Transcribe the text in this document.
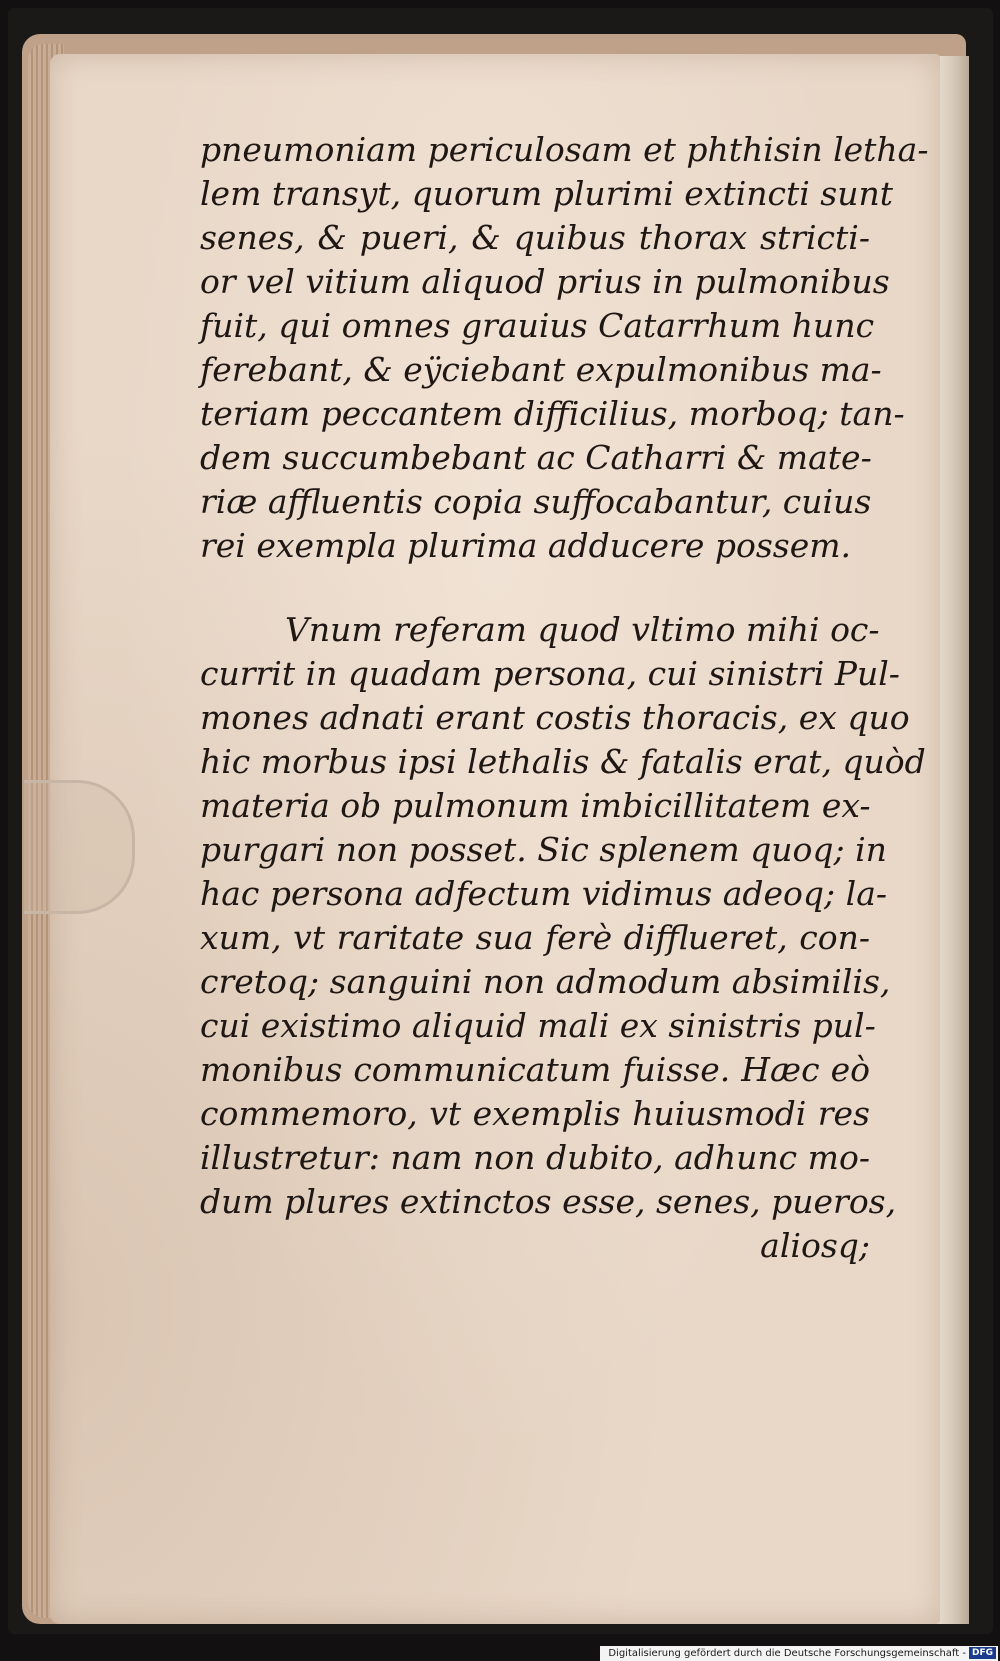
pneumoniam periculosam et phthisin letha-
lem transyt, quorum plurimi extincti sunt
senes, & pueri, & quibus thorax stricti-
or vel vitium aliquod prius in pulmonibus
fuit, qui omnes grauius Catarrhum hunc
ferebant, & eÿciebant expulmonibus ma-
teriam peccantem difficilius, morboq; tan-
dem succumbebant ac Catharri & mate-
riæ affluentis copia suffocabantur, cuius
rei exempla plurima adducere possem.
Vnum referam quod vltimo mihi oc-
currit in quadam persona, cui sinistri Pul-
mones adnati erant costis thoracis, ex quo
hic morbus ipsi lethalis & fatalis erat, quòd
materia ob pulmonum imbicillitatem ex-
purgari non posset. Sic splenem quoq; in
hac persona adfectum vidimus adeoq; la-
xum, vt raritate sua ferè difflueret, con-
cretoq; sanguini non admodum absimilis,
cui existimo aliquid mali ex sinistris pul-
monibus communicatum fuisse. Hæc eò
commemoro, vt exemplis huiusmodi res
illustretur: nam non dubito, adhunc mo-
dum plures extinctos esse, senes, pueros,
aliosq;
Digitalisierung gefördert durch die Deutsche Forschungsgemeinschaft - DFG
